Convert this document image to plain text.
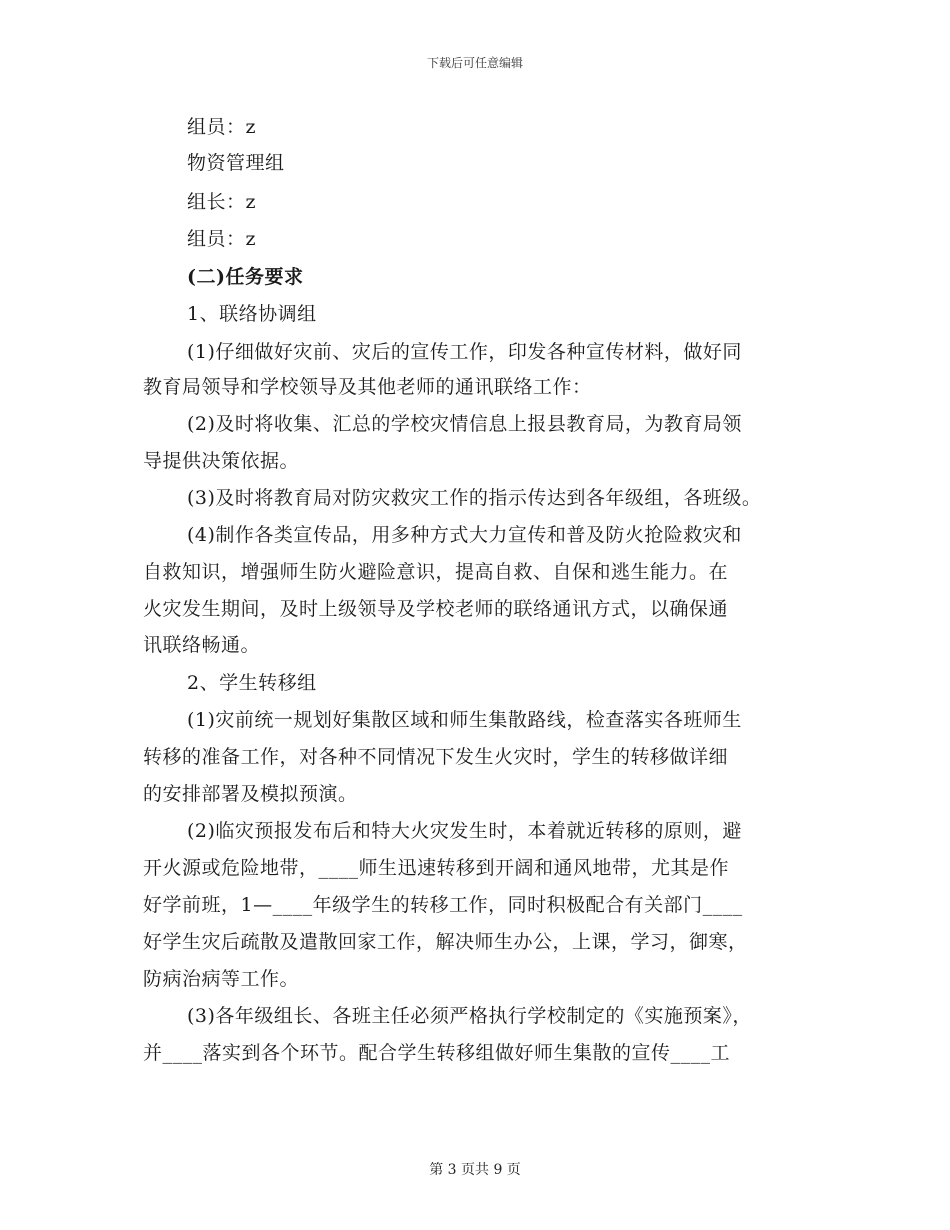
下载后可任意编辑
组员：z
物资管理组
组长：z
组员：z
(二)任务要求
1、联络协调组
(1)仔细做好灾前、灾后的宣传工作，印发各种宣传材料，做好同
教育局领导和学校领导及其他老师的通讯联络工作：
(2)及时将收集、汇总的学校灾情信息上报县教育局，为教育局领
导提供决策依据。
(3)及时将教育局对防灾救灾工作的指示传达到各年级组，各班级。
(4)制作各类宣传品，用多种方式大力宣传和普及防火抢险救灾和
自救知识，增强师生防火避险意识，提高自救、自保和逃生能力。在
火灾发生期间，及时上级领导及学校老师的联络通讯方式，以确保通
讯联络畅通。
2、学生转移组
(1)灾前统一规划好集散区域和师生集散路线，检查落实各班师生
转移的准备工作，对各种不同情况下发生火灾时，学生的转移做详细
的安排部署及模拟预演。
(2)临灾预报发布后和特大火灾发生时，本着就近转移的原则，避
开火源或危险地带，____师生迅速转移到开阔和通风地带，尤其是作
好学前班，1—____年级学生的转移工作，同时积极配合有关部门____
好学生灾后疏散及遣散回家工作，解决师生办公，上课，学习，御寒，
防病治病等工作。
(3)各年级组长、各班主任必须严格执行学校制定的《实施预案》，
并____落实到各个环节。配合学生转移组做好师生集散的宣传____工
第 3 页共 9 页
